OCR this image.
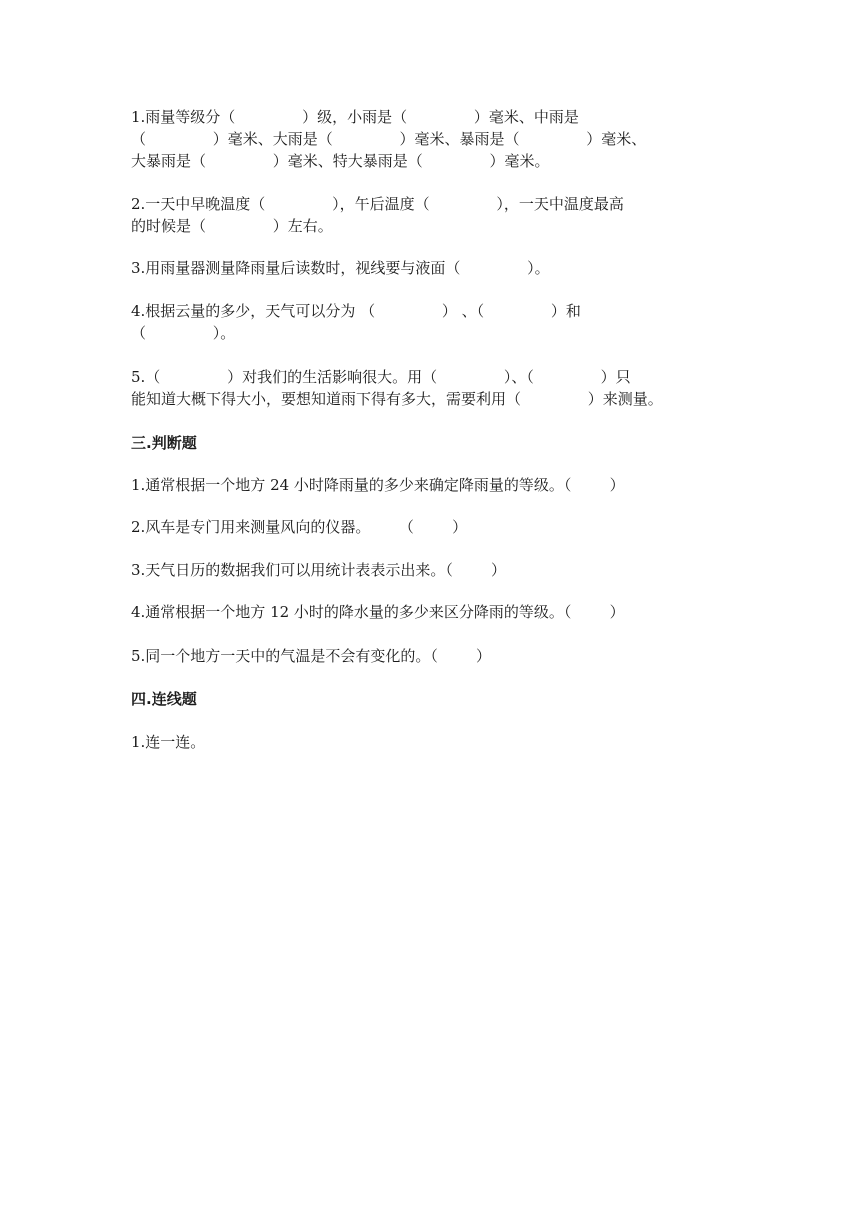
1.雨量等级分（              ）级，小雨是（              ）毫米、中雨是
（              ）毫米、大雨是（              ）毫米、暴雨是（              ）毫米、
大暴雨是（              ）毫米、特大暴雨是（              ）毫米。
2.一天中早晚温度（              ），午后温度（              ），一天中温度最高
的时候是（              ）左右。
3.用雨量器测量降雨量后读数时，视线要与液面（              ）。
4.根据云量的多少，天气可以分为 （              ） 、（              ）和
（              ）。
5.（              ）对我们的生活影响很大。用（              ）、（              ）只
能知道大概下得大小，要想知道雨下得有多大，需要利用（              ）来测量。
三.判断题
1.通常根据一个地方 24 小时降雨量的多少来确定降雨量的等级。（        ）
2.风车是专门用来测量风向的仪器。      （        ）
3.天气日历的数据我们可以用统计表表示出来。（        ）
4.通常根据一个地方 12 小时的降水量的多少来区分降雨的等级。（        ）
5.同一个地方一天中的气温是不会有变化的。（        ）
四.连线题
1.连一连。
